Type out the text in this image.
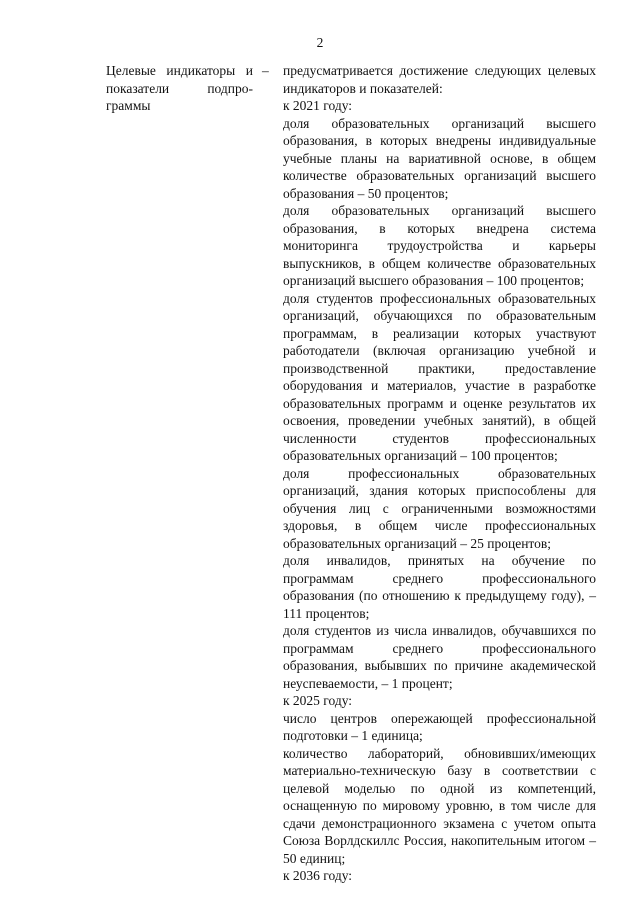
2
Целевые индикаторы и показатели подпро-граммы
– предусматривается достижение следующих целевых индикаторов и показателей:

к 2021 году:

доля образовательных организаций высшего образования, в которых внедрены индивидуальные учебные планы на вариативной основе, в общем количестве образовательных организаций высшего образования – 50 процентов;

доля образовательных организаций высшего образования, в которых внедрена система мониторинга трудоустройства и карьеры выпускников, в общем количестве образовательных организаций высшего образования – 100 процентов;

доля студентов профессиональных образовательных организаций, обучающихся по образовательным программам, в реализации которых участвуют работодатели (включая организацию учебной и производственной практики, предоставление оборудования и материалов, участие в разработке образовательных программ и оценке результатов их освоения, проведении учебных занятий), в общей численности студентов профессиональных образовательных организаций – 100 процентов;

доля профессиональных образовательных организаций, здания которых приспособлены для обучения лиц с ограниченными возможностями здоровья, в общем числе профессиональных образовательных организаций – 25 процентов;

доля инвалидов, принятых на обучение по программам среднего профессионального образования (по отношению к предыдущему году), – 111 процентов;

доля студентов из числа инвалидов, обучавшихся по программам среднего профессионального образования, выбывших по причине академической неуспеваемости, – 1 процент;

к 2025 году:

число центров опережающей профессиональной подготовки – 1 единица;

количество лабораторий, обновивших/имеющих материально-техническую базу в соответствии с целевой моделью по одной из компетенций, оснащенную по мировому уровню, в том числе для сдачи демонстрационного экзамена с учетом опыта Союза Ворлдскиллс Россия, накопительным итогом – 50 единиц;

к 2036 году:
